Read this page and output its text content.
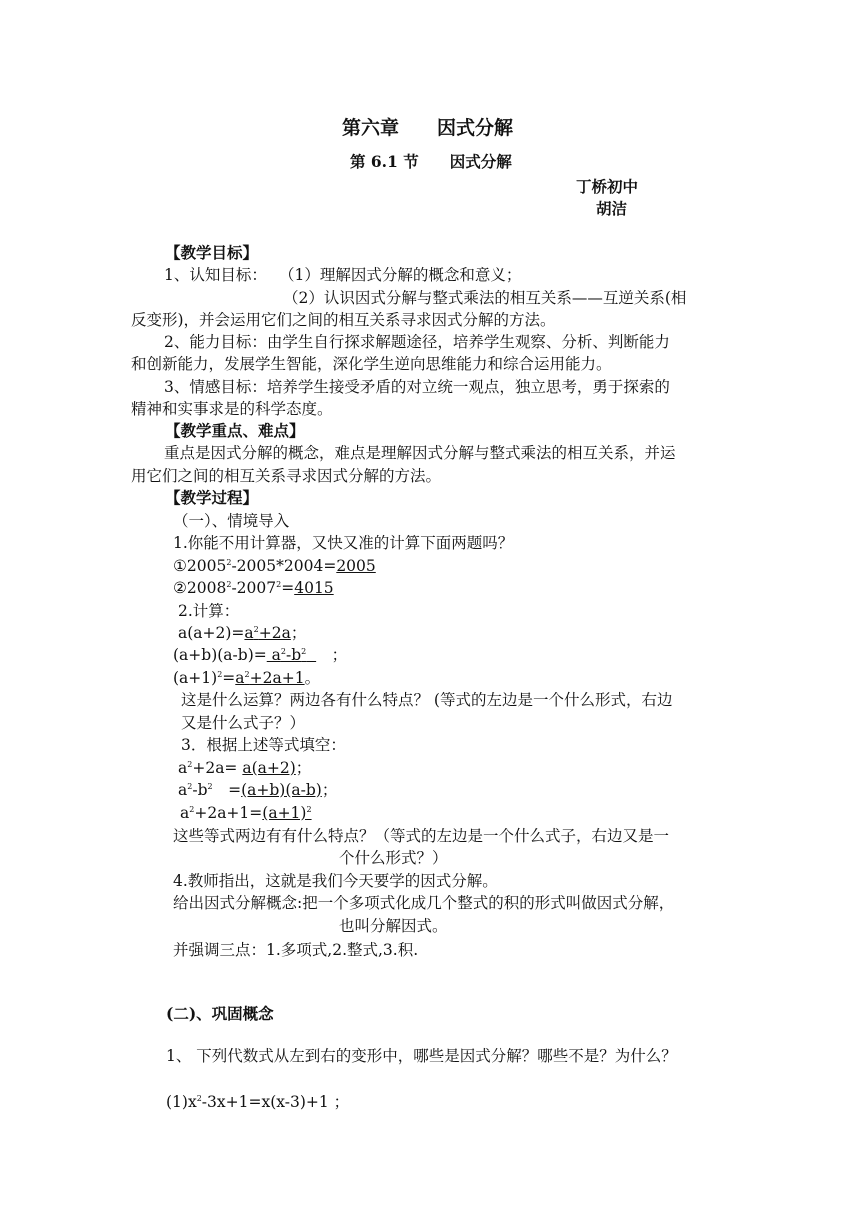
第六章　　因式分解
第 6.1 节　　因式分解
丁桥初中
胡洁
【教学目标】
1、认知目标： （1）理解因式分解的概念和意义；
（2）认识因式分解与整式乘法的相互关系——互逆关系(相
反变形)，并会运用它们之间的相互关系寻求因式分解的方法。
2、能力目标：由学生自行探求解题途径，培养学生观察、分析、判断能力
和创新能力，发展学生智能，深化学生逆向思维能力和综合运用能力。
3、情感目标：培养学生接受矛盾的对立统一观点，独立思考，勇于探索的
精神和实事求是的科学态度。
【教学重点、难点】
重点是因式分解的概念，难点是理解因式分解与整式乘法的相互关系，并运
用它们之间的相互关系寻求因式分解的方法。
【教学过程】
（一）、情境导入
1.你能不用计算器，又快又准的计算下面两题吗？
$①2005^2-2005*2004=2005$
$②2008^2-2007^2=4015$
2.计算：
$a(a+2)=a^2+2a$；
$(a+b)(a-b)= a^2-b^2$  　；
$(a+1)^2=a^2+2a+1$。
这是什么运算？两边各有什么特点？ (等式的左边是一个什么形式，右边
又是什么式子？）
3．根据上述等式填空：
$a^2+2a= a(a+2)$；
$a^2-b^2$　=(a+b)(a-b)；
$a^2+2a+1=(a+1)^2$
这些等式两边有有什么特点？（等式的左边是一个什么式子，右边又是一
个什么形式？）
4.教师指出，这就是我们今天要学的因式分解。
给出因式分解概念:把一个多项式化成几个整式的积的形式叫做因式分解，
也叫分解因式。
并强调三点：1.多项式,2.整式,3.积.
(二)、巩固概念
1、 下列代数式从左到右的变形中，哪些是因式分解？哪些不是？为什么？
$(1)x^2-3x+1=x(x-3)+1$ ；
